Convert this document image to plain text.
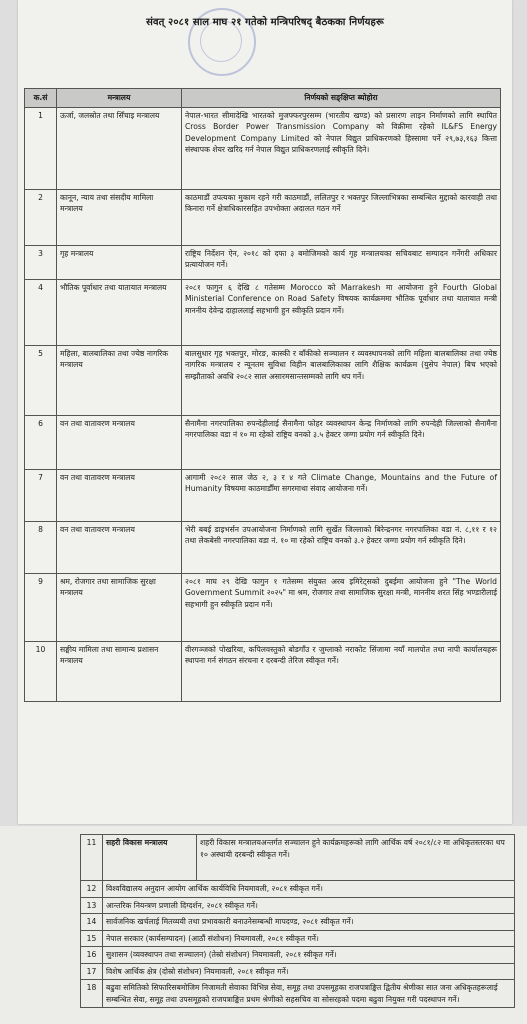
संवत् २०८१ साल माघ २१ गतेको मन्त्रिपरिषद् बैठकका निर्णयहरू
क.सं	मन्त्रालय	निर्णयको सङ्क्षिप्त ब्योहोरा
1	ऊर्जा, जलस्रोत तथा सिँचाइ मन्त्रालय	नेपाल-भारत सीमादेखि भारतको मुजफ्फरपुरसम्म (भारतीय खण्ड) को प्रसारण लाइन निर्माणको लागि स्थापित Cross Border Power Transmission Company को विक्रीमा रहेको IL&FS Energy Development Company Limited को नेपाल विद्युत प्राधिकरणको हिस्सामा पर्ने २९,७३,१६३ कित्ता संस्थापक शेयर खरिद गर्न नेपाल विद्युत प्राधिकरणलाई स्वीकृति दिने।
2	कानून, न्याय तथा संसदीय मामिला मन्त्रालय	काठमाडौं उपत्यका मुकाम रहने गरी काठमाडौं, ललितपुर र भक्तपुर जिल्लाभित्रका सम्बन्धित मुद्दाको कारवाही तथा किनारा गर्ने क्षेत्राधिकारसहित उपभोक्ता अदालत गठन गर्ने
3	गृह मन्त्रालय	राष्ट्रिय निर्देशन ऐन, २०१८ को दफा ३ बमोजिमको कार्य गृह मन्त्रालयका सचिवबाट सम्पादन गर्नेगरी अधिकार प्रत्यायोजन गर्ने।
4	भौतिक पूर्वाधार तथा यातायात मन्त्रालय	२०८१ फागुन ६ देखि ८ गतेसम्म Morocco को Marrakesh मा आयोजना हुने Fourth Global Ministerial Conference on Road Safety विषयक कार्यक्रममा भौतिक पूर्वाधार तथा यातायात मन्त्री माननीय देवेन्द्र दाहाललाई सहभागी हुन स्वीकृति प्रदान गर्ने।
5	महिला, बालबालिका तथा ज्येष्ठ नागरिक मन्त्रालय	बालसुधार गृह भक्तपुर, मोरङ, कास्की र बाँकीको सञ्चालन र व्यवस्थापनको लागि महिला बालबालिका तथा ज्येष्ठ नागरिक मन्त्रालय र न्यूनतम सुविधा विहीन बालबालिकाका लागि शैक्षिक कार्यक्रम (युसेप नेपाल) बिच भएको सम्झौताको अवधि २०८२ साल असारमसान्तसम्मको लागि थप गर्ने।
6	वन तथा वातावरण मन्त्रालय	सैनामैना नगरपालिका रुपन्देहीलाई सैनामैना फोहर व्यवस्थापन केन्द्र निर्माणको लागि रुपन्देही जिल्लाको सैनामैना नगरपालिका वडा नं १० मा रहेको राष्ट्रिय वनको ३.५ हेक्टर जग्गा प्रयोग गर्न स्वीकृति दिने।
7	वन तथा वातावरण मन्त्रालय	आगामी २०८२ साल जेठ २, ३ र ४ गते Climate Change, Mountains and the Future of Humanity विषयमा काठमाडौँमा सगरमाथा संवाद आयोजना गर्ने।
8	वन तथा वातावरण मन्त्रालय	भेरी बबई डाइभर्सन उपआयोजना निर्माणको लागि सुर्खेत जिल्लाको बिरेन्द्रनगर नगरपालिका वडा नं. ८,११ र १२ तथा लेकबेसी नगरपालिका वडा नं. १० मा रहेको राष्ट्रिय वनको ३.२ हेक्टर जग्गा प्रयोग गर्न स्वीकृति दिने।
9	श्रम, रोजगार तथा सामाजिक सुरक्षा मन्त्रालय	२०८१ माघ २९ देखि फागुन १ गतेसम्म संयुक्त अरब इमिरेट्सको दुबईमा आयोजना हुने "The World Government Summit २०२५" मा श्रम, रोजगार तथा सामाजिक सुरक्षा मन्त्री, माननीय शरत सिंह भण्डारीलाई सहभागी हुन स्वीकृति प्रदान गर्ने।
10	सङ्घीय मामिला तथा सामान्य प्रशासन मन्त्रालय	वीरगञ्जको पोखरिया, कपिलवस्तुको बोडगाँउ र जुम्लाको नराकोट सिंजामा नयाँ मालपोत तथा नापी कार्यालयहरू स्थापना गर्न संगठन संरचना र दरबन्दी तेरिज स्वीकृत गर्ने।
11	सहरी विकास मन्त्रालय	शहरी विकास मन्त्रालयअन्तर्गत सञ्चालन हुने कार्यक्रमहरूको लागि आर्थिक वर्ष २०८१/८२ मा अधिकृतस्तरका थप १० अस्थायी दरबन्दी स्वीकृत गर्ने।
12	विश्वविद्यालय अनुदान आयोग आर्थिक कार्यविधि नियमावली, २०८१ स्वीकृत गर्ने।	
13	आन्तरिक नियन्त्रण प्रणाली दिग्दर्शन, २०८१ स्वीकृत गर्ने।	
14	सार्वजनिक खर्चलाई मितव्ययी तथा प्रभावकारी बनाउनेसम्बन्धी मापदण्ड, २०८१ स्वीकृत गर्ने।	
15	नेपाल सरकार (कार्यसम्पादन) (आठौं संशोधन) नियमावली, २०८१ स्वीकृत गर्ने।	
16	सुशासन (व्यवस्थापन तथा सञ्चालन) (तेस्रो संशोधन) नियमावली, २०८१ स्वीकृत गर्ने।	
17	विशेष आर्थिक क्षेत्र (दोस्रो संशोधन) नियमावली, २०८१ स्वीकृत गर्ने।	
18	बढुवा समितिको सिफारिसबमोजिम निजामती सेवाका विभिन्न सेवा, समूह तथा उपसमूहका राजपत्राङ्कित द्वितीय श्रेणीका सात जना अधिकृतहरूलाई सम्बन्धित सेवा, समूह तथा उपसमूहको राजपत्राङ्कित प्रथम श्रेणीको सहसचिव वा सोसरहको पदमा बढुवा नियुक्त गरी पदस्थापन गर्ने।	
